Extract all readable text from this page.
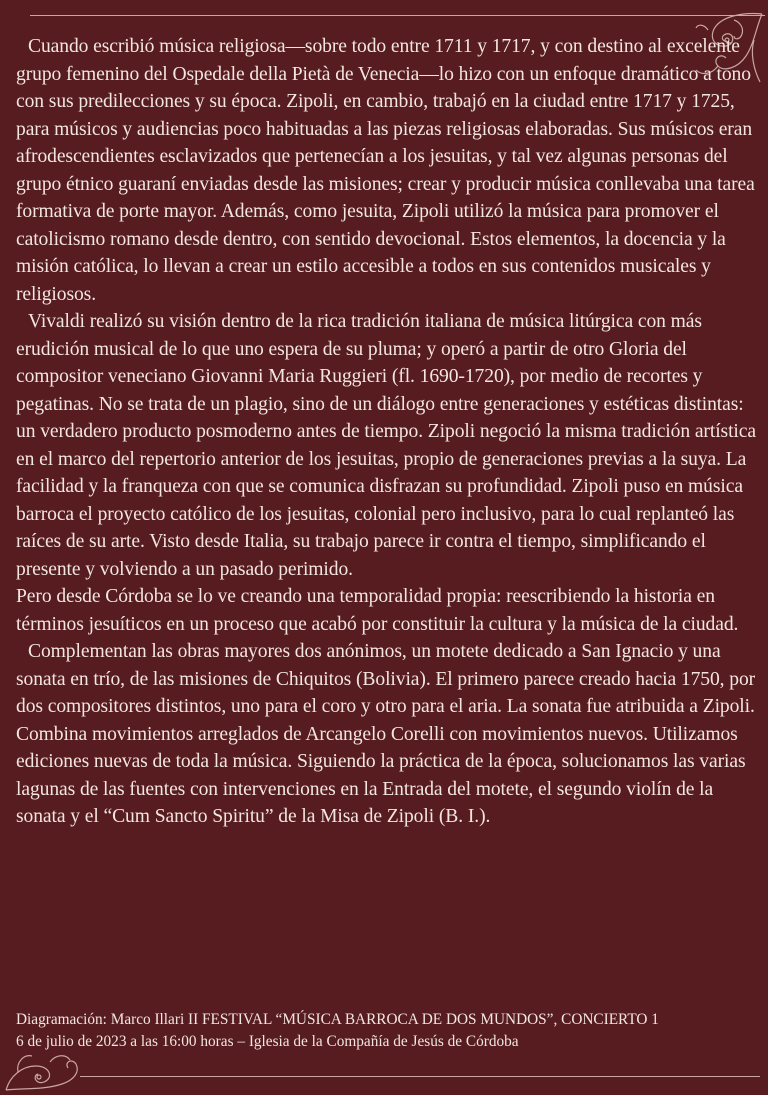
Cuando escribió música religiosa—sobre todo entre 1711 y 1717, y con destino al excelente grupo femenino del Ospedale della Pietà de Venecia—lo hizo con un enfoque dramático a tono con sus predilecciones y su época. Zipoli, en cambio, trabajó en la ciudad entre 1717 y 1725, para músicos y audiencias poco habituadas a las piezas religiosas elaboradas. Sus músicos eran afrodescendientes esclavizados que pertenecían a los jesuitas, y tal vez algunas personas del grupo étnico guaraní enviadas desde las misiones; crear y producir música conllevaba una tarea formativa de porte mayor. Además, como jesuita, Zipoli utilizó la música para promover el catolicismo romano desde dentro, con sentido devocional. Estos elementos, la docencia y la misión católica, lo llevan a crear un estilo accesible a todos en sus contenidos musicales y religiosos.

Vivaldi realizó su visión dentro de la rica tradición italiana de música litúrgica con más erudición musical de lo que uno espera de su pluma; y operó a partir de otro Gloria del compositor veneciano Giovanni Maria Ruggieri (fl. 1690-1720), por medio de recortes y pegatinas. No se trata de un plagio, sino de un diálogo entre generaciones y estéticas distintas: un verdadero producto posmoderno antes de tiempo. Zipoli negoció la misma tradición artística en el marco del repertorio anterior de los jesuitas, propio de generaciones previas a la suya. La facilidad y la franqueza con que se comunica disfrazan su profundidad. Zipoli puso en música barroca el proyecto católico de los jesuitas, colonial pero inclusivo, para lo cual replanteó las raíces de su arte. Visto desde Italia, su trabajo parece ir contra el tiempo, simplificando el presente y volviendo a un pasado perimido.

Pero desde Córdoba se lo ve creando una temporalidad propia: reescribiendo la historia en términos jesuíticos en un proceso que acabó por constituir la cultura y la música de la ciudad.

Complementan las obras mayores dos anónimos, un motete dedicado a San Ignacio y una sonata en trío, de las misiones de Chiquitos (Bolivia). El primero parece creado hacia 1750, por dos compositores distintos, uno para el coro y otro para el aria. La sonata fue atribuida a Zipoli. Combina movimientos arreglados de Arcangelo Corelli con movimientos nuevos. Utilizamos ediciones nuevas de toda la música. Siguiendo la práctica de la época, solucionamos las varias lagunas de las fuentes con intervenciones en la Entrada del motete, el segundo violín de la sonata y el “Cum Sancto Spiritu” de la Misa de Zipoli (B. I.).

Diagramación: Marco Illari II FESTIVAL “MÚSICA BARROCA DE DOS MUNDOS”, CONCIERTO 1

6 de julio de 2023 a las 16:00 horas – Iglesia de la Compañía de Jesús de Córdoba
